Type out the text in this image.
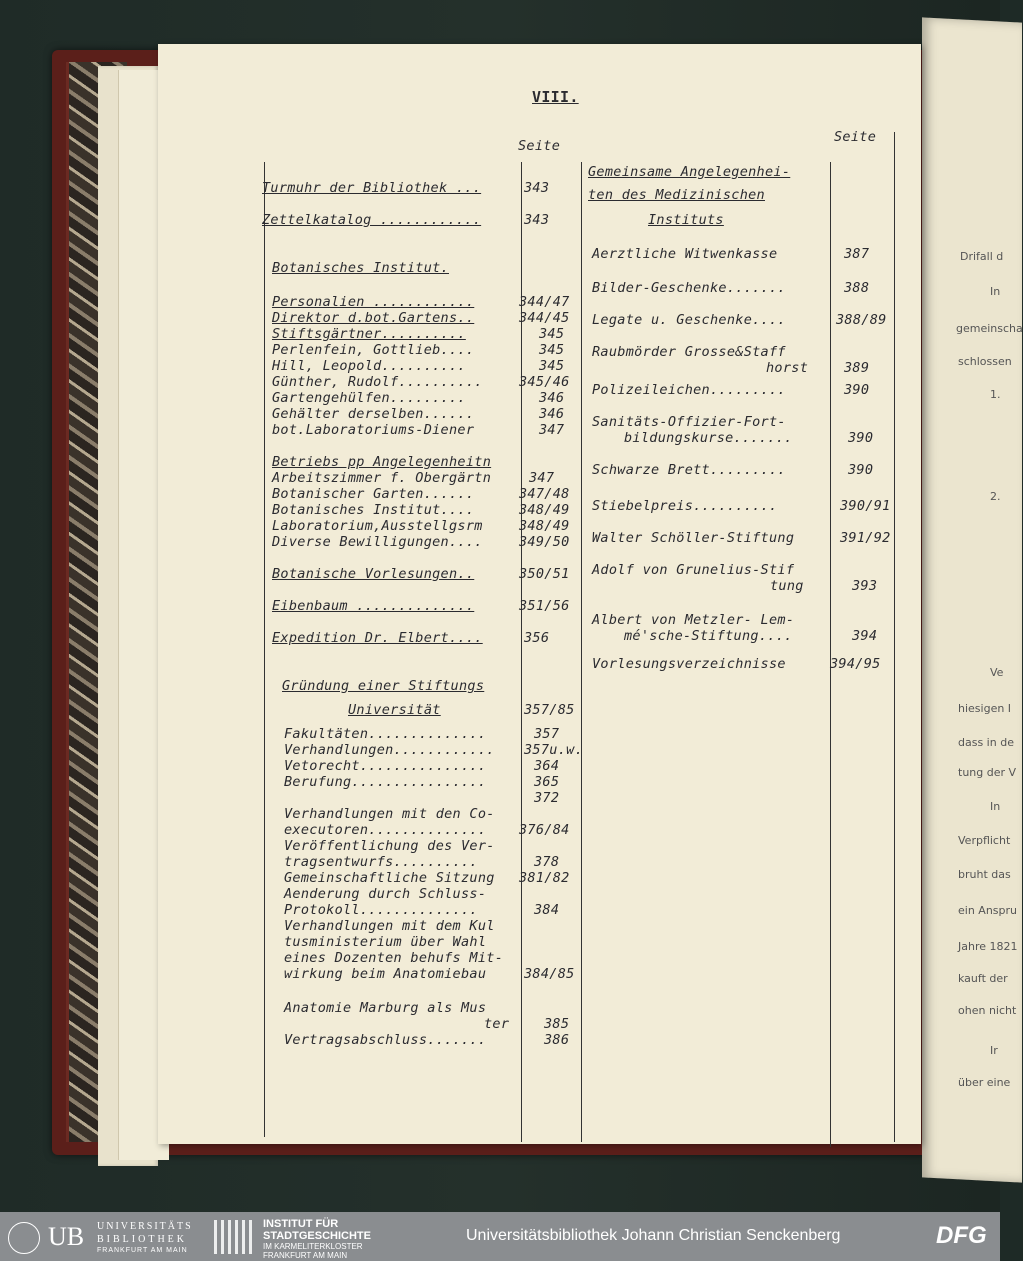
VIII.
Seite
Seite
Turmuhr der Bibliothek ...	343
Zettelkatalog ............	343
Botanisches Institut.
Personalien ............	344/47
Direktor d.bot.Gartens..	344/45
Stiftsgärtner..........	345
Perlenfein, Gottlieb....	345
Hill, Leopold..........	345
Günther, Rudolf..........	345/46
Gartengehülfen.........	346
Gehälter derselben......	346
bot.Laboratoriums-Diener	347
Betriebs pp Angelegenheitn
Arbeitszimmer f. Obergärtn	347
Botanischer Garten......	347/48
Botanisches Institut....	348/49
Laboratorium,Ausstellgsrm	348/49
Diverse Bewilligungen....	349/50
Botanische Vorlesungen..	350/51
Eibenbaum ..............	351/56
Expedition Dr. Elbert....	356
Gründung einer Stiftungs
Universität	357/85
Fakultäten..............	357
Verhandlungen............ 357u.w.
Vetorecht...............	364
Berufung................	365
372
Verhandlungen mit den Co-
executoren.............. 376/84
Veröffentlichung des Ver-
tragsentwurfs..........	378
Gemeinschaftliche Sitzung 381/82
Aenderung durch Schluss-
Protokoll..............	384
Verhandlungen mit dem Kul
tusministerium über Wahl
eines Dozenten behufs Mit-
wirkung beim Anatomiebau	384/85
Anatomie Marburg als Mus
ter	385
Vertragsabschluss.......	386
Gemeinsame Angelegenhei-
ten des Medizinischen
Instituts
Aerztliche Witwenkasse	387
Bilder-Geschenke.......	388
Legate u. Geschenke....	388/89
Raubmörder Grosse&Staff
horst	389
Polizeileichen.........	390
Sanitäts-Offizier-Fort-
bildungskurse.......	390
Schwarze Brett.........	390
Stiebelpreis..........	390/91
Walter Schöller-Stiftung	391/92
Adolf von Grunelius-Stif
tung	393
Albert von Metzler- Lem-
mé'sche-Stiftung....	394
Vorlesungsverzeichnisse	394/95
Drifall d
In
gemeinscha
schlossen
1.
2.
Ve
hiesigen I
dass in de
tung der V
In
Verpflicht
bruht das
ein Anspru
Jahre 1821
kauft der
ohen nicht
Ir
über eine
UB UNIVERSITÄTS
BIBLIOTHEK
FRANKFURT AM MAIN
INSTITUT FÜR
STADTGESCHICHTE
IM KARMELITERKLOSTER
FRANKFURT AM MAIN
Universitätsbibliothek Johann Christian Senckenberg	DFG
